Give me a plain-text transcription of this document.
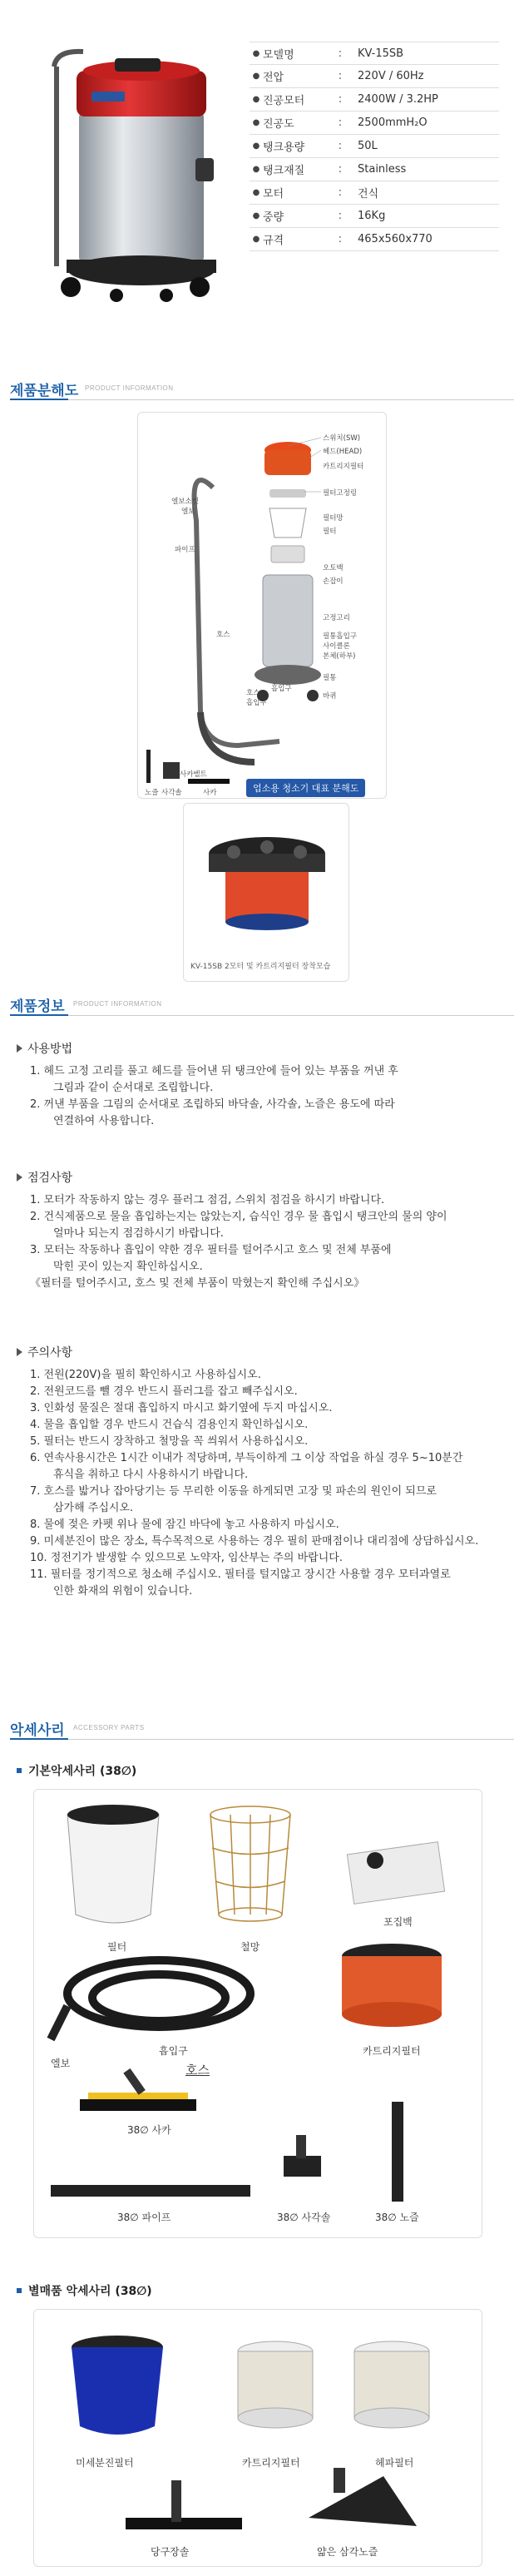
● 모델명	:	KV-15SB
● 전압	:	220V / 60Hz
● 진공모터	:	2400W / 3.2HP
● 진공도	:	2500mmH₂O
● 탱크용량	:	50L
● 탱크재질	:	Stainless
● 모터	:	건식
● 중량	:	16Kg
● 규격	:	465x560x770
제품분해도 PRODUCT INFORMATION
엘보소켓
엘보
파이프
호스
흡입구
호스
흡입구
스위치(SW)
헤드(HEAD)
카트리지필터
필터고정링
필터망
필터
오토백
손잡이
고정고리
필통흡입구
사이클론
본체(하부)
필통
바퀴
노즐 사각솔	사카
사카벨트
업소용 청소기 대표 분해도
KV-15SB 2모터 및 카트리지필터 장착모습
제품정보 PRODUCT INFORMATION
사용방법
1. 헤드 고정 고리를 풀고 헤드를 들어낸 뒤 탱크안에 들어 있는 부품을 꺼낸 후
그림과 같이 순서대로 조립합니다.
2. 꺼낸 부품을 그림의 순서대로 조립하되 바닥솔, 사각솔, 노즐은 용도에 따라
연결하여 사용합니다.
점검사항
1. 모터가 작동하지 않는 경우 플러그 점검, 스위치 점검을 하시기 바랍니다.
2. 건식제품으로 물을 흡입하는지는 않았는지, 습식인 경우 물 흡입시 탱크안의 물의 양이
얼마나 되는지 점검하시기 바랍니다.
3. 모터는 작동하나 흡입이 약한 경우 필터를 털어주시고 호스 및 전체 부품에
막힌 곳이 있는지 확인하십시오.
《필터를 털어주시고, 호스 및 전체 부품이 막혔는지 확인해 주십시오》
주의사항
1. 전원(220V)을 필히 확인하시고 사용하십시오.
2. 전원코드를 뺄 경우 반드시 플러그를 잡고 빼주십시오.
3. 인화성 물질은 절대 흡입하지 마시고 화기옆에 두지 마십시오.
4. 물을 흡입할 경우 반드시 건습식 겸용인지 확인하십시오.
5. 필터는 반드시 장착하고 철망을 꼭 씌워서 사용하십시오.
6. 연속사용시간은 1시간 이내가 적당하며, 부득이하게 그 이상 작업을 하실 경우 5~10분간
휴식을 취하고 다시 사용하시기 바랍니다.
7. 호스를 밟거나 잡아당기는 등 무리한 이동을 하게되면 고장 및 파손의 원인이 되므로
삼가해 주십시오.
8. 물에 젖은 카펫 위나 물에 잠긴 바닥에 놓고 사용하지 마십시오.
9. 미세분진이 많은 장소, 특수목적으로 사용하는 경우 필히 판매점이나 대리점에 상담하십시오.
10. 정전기가 발생할 수 있으므로 노약자, 임산부는 주의 바랍니다.
11. 필터를 정기적으로 청소해 주십시오. 필터를 털지않고 장시간 사용할 경우 모터과열로
인한 화재의 위험이 있습니다.
악세사리 ACCESSORY PARTS
기본악세사리 (38∅)
필터	철망
포집백
흡입구
호스
엘보
카트리지필터
38∅ 사카
38∅ 파이프	38∅ 사각솔	38∅ 노즐
별매품 악세사리 (38∅)
미세분진필터	카트리지필터	헤파필터
당구장솔	얇은 삼각노즐
